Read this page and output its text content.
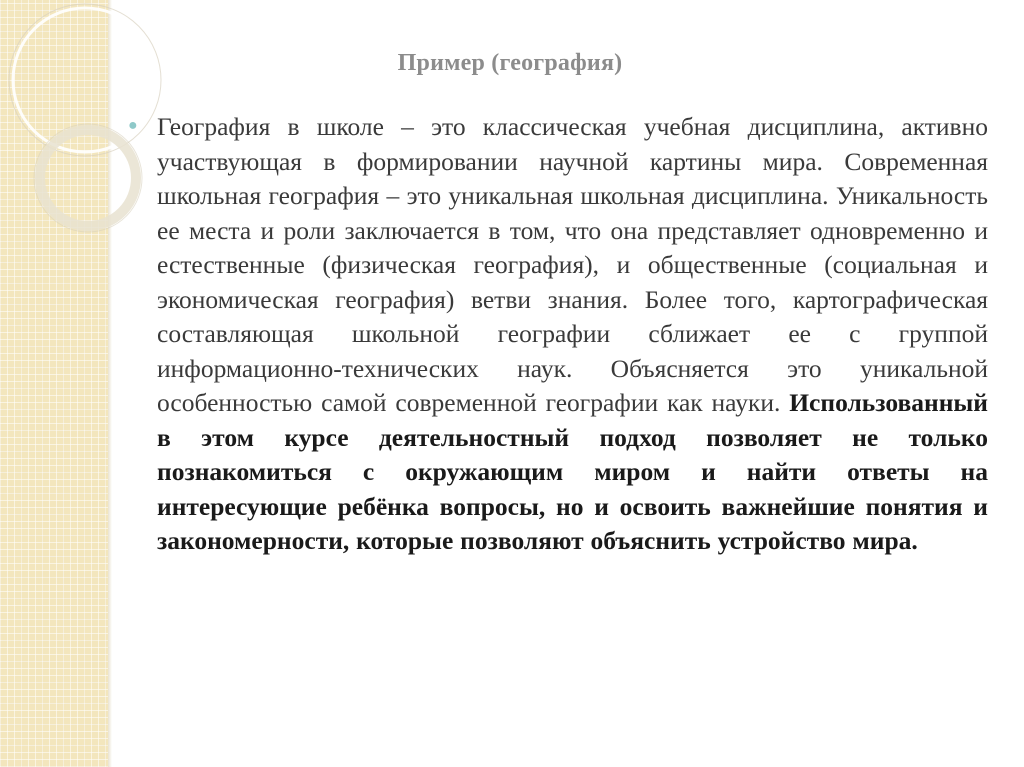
Пример (география)
● География в школе – это классическая учебная дисциплина, активно участвующая в формировании научной картины мира. Современная школьная география – это уникальная школьная дисциплина. Уникальность ее места и роли заключается в том, что она представляет одновременно и естественные (физическая география), и общественные (социальная и экономическая география) ветви знания. Более того, картографическая составляющая школьной географии сближает ее с группой информационно-технических наук. Объясняется это уникальной особенностью самой современной географии как науки. Использованный в этом курсе деятельностный подход позволяет не только познакомиться с окружающим миром и найти ответы на интересующие ребёнка вопросы, но и освоить важнейшие понятия и закономерности, которые позволяют объяснить устройство мира.
